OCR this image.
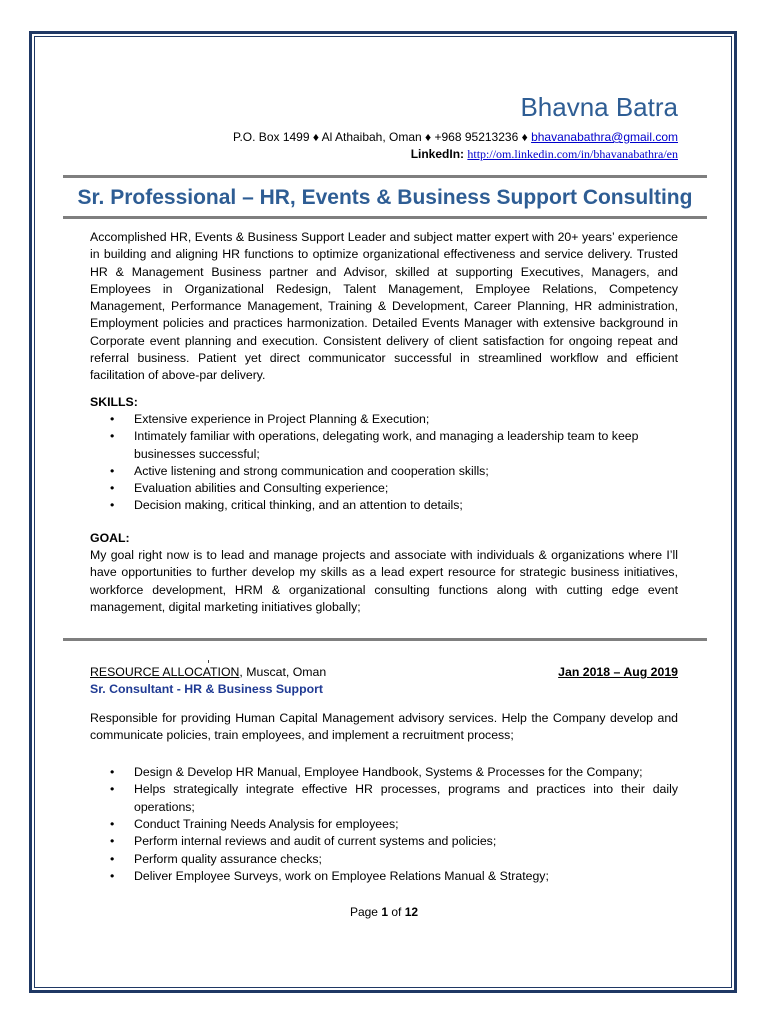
Bhavna Batra
P.O. Box 1499 ♦ Al Athaibah, Oman ♦ +968 95213236 ♦ bhavanabathra@gmail.com
LinkedIn: http://om.linkedin.com/in/bhavanabathra/en
Sr. Professional – HR, Events & Business Support Consulting
Accomplished HR, Events & Business Support Leader and subject matter expert with 20+ years’ experience in building and aligning HR functions to optimize organizational effectiveness and service delivery. Trusted HR & Management Business partner and Advisor, skilled at supporting Executives, Managers, and Employees in Organizational Redesign, Talent Management, Employee Relations, Competency Management, Performance Management, Training & Development, Career Planning, HR administration, Employment policies and practices harmonization. Detailed Events Manager with extensive background in Corporate event planning and execution. Consistent delivery of client satisfaction for ongoing repeat and referral business. Patient yet direct communicator successful in streamlined workflow and efficient facilitation of above-par delivery.
SKILLS:
• Extensive experience in Project Planning & Execution;
• Intimately familiar with operations, delegating work, and managing a leadership team to keep businesses successful;
• Active listening and strong communication and cooperation skills;
• Evaluation abilities and Consulting experience;
• Decision making, critical thinking, and an attention to details;
GOAL:
My goal right now is to lead and manage projects and associate with individuals & organizations where I’ll have opportunities to further develop my skills as a lead expert resource for strategic business initiatives, workforce development, HRM & organizational consulting functions along with cutting edge event management, digital marketing initiatives globally;
RESOURCE ALLOCATION, Muscat, Oman	Jan 2018 – Aug 2019
Sr. Consultant - HR & Business Support
Responsible for providing Human Capital Management advisory services. Help the Company develop and communicate policies, train employees, and implement a recruitment process;
• Design & Develop HR Manual, Employee Handbook, Systems & Processes for the Company;
• Helps strategically integrate effective HR processes, programs and practices into their daily operations;
• Conduct Training Needs Analysis for employees;
• Perform internal reviews and audit of current systems and policies;
• Perform quality assurance checks;
• Deliver Employee Surveys, work on Employee Relations Manual & Strategy;
Page 1 of 12
